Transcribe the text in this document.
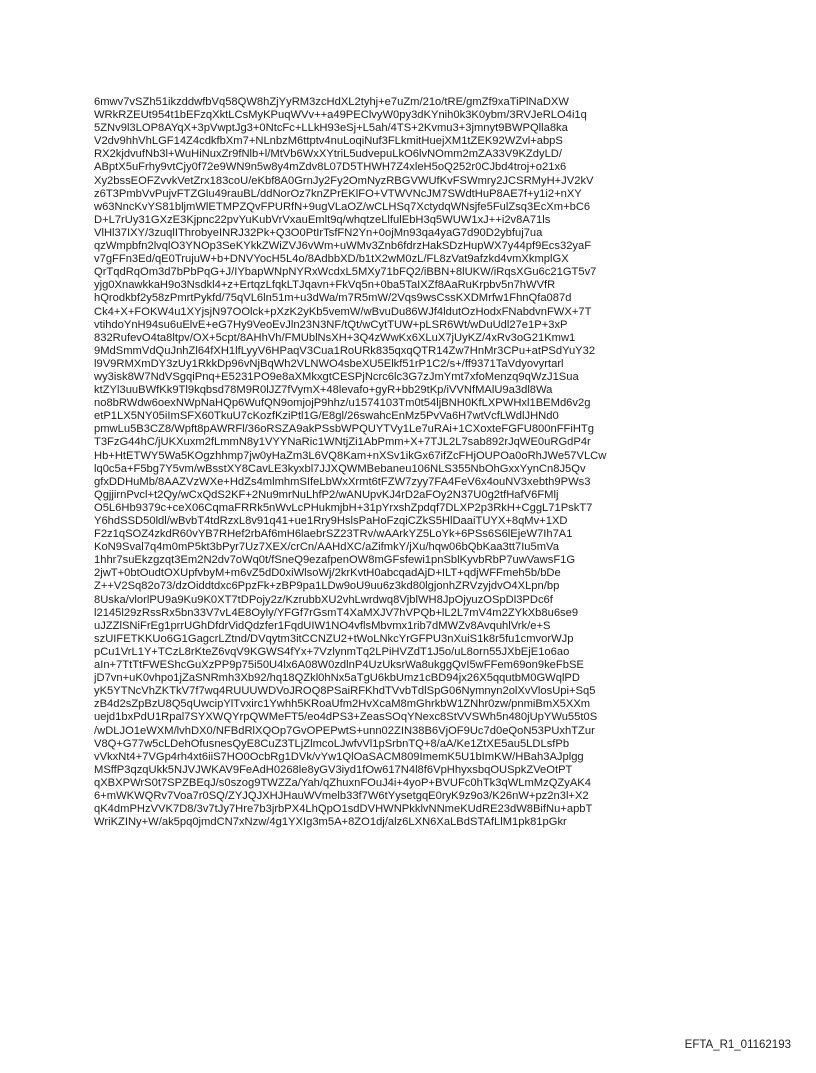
6mwv7vSZh51ikzddwfbVq58QW8hZjYyRM3zcHdXL2tyhj+e7uZm/21o/tRE/gmZf9xaTiPlNaDXW
WRkRZEUt954t1bEFzqXktLCsMyKPuqWVv++a49PEClvyW0py3dKYnih0k3K0ybm/3RVJeRLO4i1q
5ZNv9l3LOP8AYqX+3pVwptJg3+0NtcFc+LLkH93eSj+L5ah/4TS+2Kvmu3+3jmnyt9BWPQlla8ka
V2dv9hhVhLGF14Z4cdkfbXm7+NLnbzM6ttptv4nuLoqiNuf3FLkmitHuejXM1tZEK92WZvl+abpS
RX2kjdvufNb3l+WuHiNuxZr9fNlb+l/MtVb6WxXYtriL5udvepuLkO6lvNOmm2mZA33V9KZdyLD/
ABptX5uFrhy9vtCjy0f72e9WN9n5w8y4mZdv8L07D5THWH7Z4xleH5oQ252r0CJbd4troj+o21x6
Xy2bssEOFZvvkVetZrx183coU/eKbf8A0GrnJy2Fy2OmNyzRBGVWUfKvFSWmry2JCSRMyH+JV2kV
z6T3PmbVvPujvFTZGlu49rauBL/ddNorOz7knZPrEKlFO+VTWVNcJM7SWdtHuP8AE7f+y1i2+nXY
w63NncKvYS81bljmWlETMPZQvFPURfN+9ugVLaOZ/wCLHSq7XctydqWNsjfe5FulZsq3EcXm+bC6
D+L7rUy31GXzE3Kjpnc22pvYuKubVrVxauEmlt9q/whqtzeLlfulEbH3q5WUW1xJ++i2v8A71ls
VlHl37IXY/3zuqlIThrobyeINRJ32Pk+Q3O0PtIrTsfFN2Yn+0ojMn93qa4yaG7d90D2ybfuj7ua
qzWmpbfn2lvqlO3YNOp3SeKYkkZWiZVJ6vWm+uWMv3Znb6fdrzHakSDzHupWX7y44pf9Ecs32yaF
v7gFFn3Ed/qE0TrujuW+b+DNVYocH5L4o/8AdbbXD/b1tX2wM0zL/FL8zVat9afzkd4vmXkmplGX
QrTqdRqOm3d7bPbPqG+J/IYbapWNpNYRxWcdxL5MXy71bFQ2/iBBN+8lUKW/iRqsXGu6c21GT5v7
yjg0XnawkkaH9o3Nsdkl4+z+ErtqzLfqkLTJqavn+FkVq5n+0ba5TaIXZf8AaRuKrpbv5n7hWVfR
hQrodkbf2y58zPmrtPykfd/75qVL6ln51m+u3dWa/m7R5mW/2Vqs9wsCssKXDMrfw1FhnQfa087d
Ck4+X+FOKW4u1XYjsjN97OOlck+pXzK2yKb5vemW/wBvuDu86WJf4ldutOzHodxFNabdvnFWX+7T
vtihdoYnH94su6uElvE+eG7Hy9VeoEvJln23N3NF/tQt/wCytTUW+pLSR6Wt/wDuUdl27e1P+3xP
832RufevO4ta8ltpv/OX+5cpt/8AHhVh/FMUblNsXH+3Q4zWwKx6XLuX7jUyKZ/4xRv3oG21Kmw1
9MdSmmVdQuJnhZl64fXH1lfLyyV6HPaqV3Cua1RoURk835qxqQTR14Zw7HnMr3CPu+atPSdYuY32
l9V9RMXmDY3zUy1RkkDp96vNjBqWh2VLNWO4sbeXU5Elkf51rP1C2/s+/ff9371TaVdyovyrtarl
wy3isk8W7NdVSgqiPnq+E5231PO9e8aXMkxgtCESPjNcrc6lc3G7zJmYmt7xfoMenzq9qWzJ1Sua
ktZYl3uuBWfKk9Tl9kqbsd78M9R0lJZ7fVymX+48levafo+gyR+bb29tKp/iVVNfMAlU9a3dl8Wa
no8bRWdw6oexNWpNaHQp6WufQN9omjojP9hhz/u1574103Tm0t54ljBNH0KfLXPWHxl1BEMd6v2g
etP1LX5NY05iImSFX60TkuU7cKozfKziPtl1G/E8gl/26swahcEnMz5PvVa6H7wtVcfLWdlJHNd0
pmwLu5B3CZ8/Wpft8pAWRFl/36oRSZA9akPSsbWPQUYTVy1Le7uRAi+1CXoxteFGFU800nFFiHTg
T3FzG44hC/jUKXuxm2fLmmN8y1VYYNaRic1WNtjZi1AbPmm+X+7TJL2L7sab892rJqWE0uRGdP4r
Hb+HtETWY5Wa5KOgzhhmp7jw0yHaZm3L6VQ8Kam+nXSv1ikGx67ifZcFHjOUPOa0oRhJWe57VLCw
lq0c5a+F5bg7Y5vm/wBsstXY8CavLE3kyxbl7JJXQWMBebaneu106NLS355NbOhGxxYynCn8J5Qv
gfxDDHuMb/8AAZVzWXe+HdZs4mlmhmSIfeLbWxXrmt6tFZW7zyy7FA4FeV6x4ouNV3xebth9PWs3
QgjjirnPvcl+t2Qy/wCxQdS2KF+2Nu9mrNuLhfP2/wANUpvKJ4rD2aFOy2N37U0g2tfHafV6FMlj
O5L6Hb9379c+ceX06CqmaFRRk5nWvLcPHukmjbH+31pYrxshZpdqf7DLXP2p3RkH+CggL71PskT7
Y6hdSSD50ldl/wBvbT4tdRzxL8v91q41+ue1Rry9HslsPaHoFzqiCZkS5HlDaaiTUYX+8qMv+1XD
F2z1qSOZ4zkdR60vYB7RHef2rbAf6mH6laebrSZ23TRv/wAArkYZ5LoYk+6PSs6S6lEjeW7Ih7A1
KoN9Sval7q4m0mP5kt3bPyr7Uz7XEX/crCn/AAHdXC/aZifmkY/jXu/hqw06bQbKaa3tt7Iu5mVa
1hhr7suEkzgzqt3Em2N2dv7oWq0t/fSneQ9ezafpenOW8mGFsfewi1pnSblKyvbRbP7uwVawsF1G
2jwT+0btOudtOXUpfvbyM+m6vZ5dD0xiWlsoWj/2krKvtH0abcqadAjD+ILT+qdjWFFmeh5b/bDe
Z++V2Sq82o73/dzOiddtdxc6PpzFk+zBP9pa1LDw9oU9uu6z3kd80lgjonhZRVzyjdvO4XLpn/bp
8Uska/vlorlPU9a9Ku9K0XT7tDPojy2z/KzrubbXU2vhLwrdwq8VjblWH8JpOjyuzOSpDl3PDc6f
l2145l29zRssRx5bn33V7vL4E8Oyly/YFGf7rGsmT4XaMXJV7hVPQb+lL2L7mV4m2ZYkXb8u6se9
uJZZlSNiFrEg1prrUGhDfdrVidQdzfer1FqdUIW1NO4vflsMbvmx1rib7dMWZv8AvquhlVrk/e+S
szUIFETKKUo6G1GagcrLZtnd/DVqytm3itCCNZU2+tWoLNkcYrGFPU3nXuiS1k8r5fu1cmvorWJp
pCu1VrL1Y+TCzL8rKteZ6vqV9KGWS4fYx+7VzlynmTq2LPiHVZdT1J5o/uL8orn55JXbEjE1o6ao
aIn+7TtTtFWEShcGuXzPP9p75i50U4lx6A08W0zdlnP4UzUksrWa8ukggQvI5wFFem69on9keFbSE
jD7vn+uK0vhpo1jZaSNRmh3Xb92/hq18QZkl0hNx5aTgU6kbUmz1cBD94jx26X5qqutbM0GWqlPD
yK5YTNcVhZKTkV7f7wq4RUUUWDVoJROQ8PSaiRFKhdTVvbTdlSpG06Nymnyn2olXvVlosUpi+Sq5
zB4d2sZpBzU8Q5qUwcipYlTvxirc1Ywhh5KRoaUfm2HvXcaM8mGhrkbW1ZNhr0zw/pnmiBmX5XXm
uejd1bxPdU1Rpal7SYXWQYrpQWMeFT5/eo4dPS3+ZeasSOqYNexc8StVVSWh5n480jUpYWu55t0S
/wDLJO1eWXM/lvhDX0/NFBdRlXQOp7GvOPEPwtS+unn02ZIN38B6VjOF9Uc7d0eQoN53PUxhTZur
V8Q+G77w5cLDehOfusnesQyE8CuZ3TLjZlmcoLJwfvVl1pSrbnTQ+8/aA/Ke1ZtXE5au5LDLsfPb
vVkxNt4+7VGp4rh4xt6iiS7HO0OcbRg1DVk/vYw1QlOaSACM809ImemK5U1bImKW/HBah3AJplgg
MSffP3qzqUkk5NJVJWKAV9FeAdH0268le8yGV3iyd1fOw617N4l8f6VpHhyxsbqOUSpkZVeOtPT
qXBXPWrS0t7SPZBEqJ/s0szog9TWZZa/Yah/qZhuxnFOuJ4i+4yoP+BVUFc0hTk3qWLmMzQZyAK4
6+mWKWQRv7Voa7r0SQ/ZYJQJXHJHauWVmelb33f7W6tYysetgqE0ryK9z9o3/K26nW+pz2n3l+X2
qK4dmPHzVVK7D8/3v7tJy7Hre7b3jrbPX4LhQpO1sdDVHWNPkklvNNmeKUdRE23dW8BifNu+apbT
WriKZINy+W/ak5pq0jmdCN7xNzw/4g1YXIg3m5A+8ZO1dj/alz6LXN6XaLBdSTAfLlM1pk81pGkr
EFTA_R1_01162193
